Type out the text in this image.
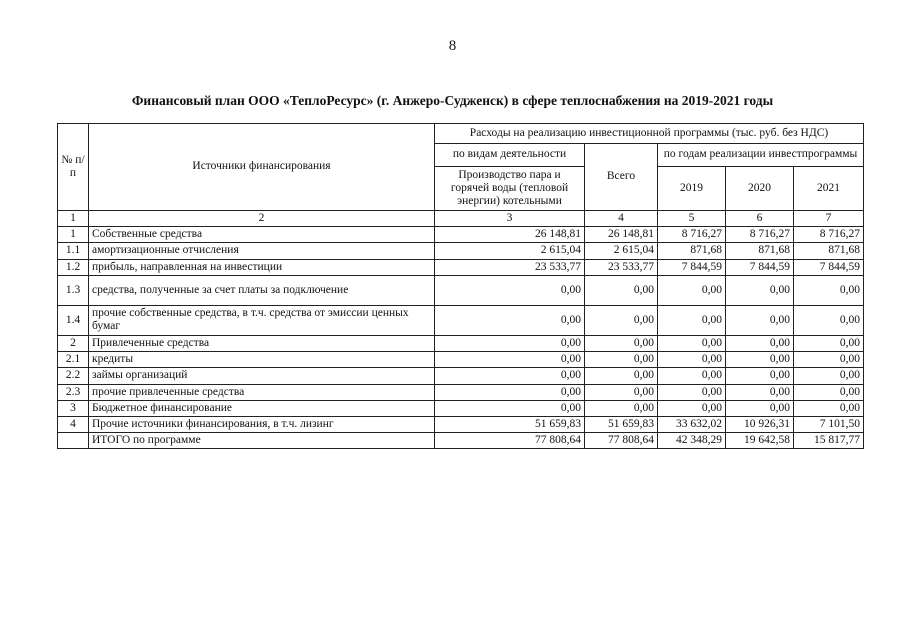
8
Финансовый план ООО «ТеплоРесурс» (г. Анжеро-Судженск) в сфере теплоснабжения на 2019-2021 годы
№ п/п	Источники финансирования	Расходы на реализацию инвестиционной программы (тыс. руб. без НДС)				
		по видам деятельности	Всего	по годам реализации инвестпрограммы		
		Производство пара и горячей воды (тепловой энергии) котельными		2019	2020	2021
1	2	3	4	5	6	7
1	Собственные средства	26 148,81	26 148,81	8 716,27	8 716,27	8 716,27
1.1	амортизационные отчисления	2 615,04	2 615,04	871,68	871,68	871,68
1.2	прибыль, направленная на инвестиции	23 533,77	23 533,77	7 844,59	7 844,59	7 844,59
1.3	средства, полученные за счет платы за подключение	0,00	0,00	0,00	0,00	0,00
1.4	прочие собственные средства, в т.ч. средства от эмиссии ценных бумаг	0,00	0,00	0,00	0,00	0,00
2	Привлеченные средства	0,00	0,00	0,00	0,00	0,00
2.1	кредиты	0,00	0,00	0,00	0,00	0,00
2.2	займы организаций	0,00	0,00	0,00	0,00	0,00
2.3	прочие привлеченные средства	0,00	0,00	0,00	0,00	0,00
3	Бюджетное финансирование	0,00	0,00	0,00	0,00	0,00
4	Прочие источники финансирования, в т.ч. лизинг	51 659,83	51 659,83	33 632,02	10 926,31	7 101,50
	ИТОГО по программе	77 808,64	77 808,64	42 348,29	19 642,58	15 817,77
